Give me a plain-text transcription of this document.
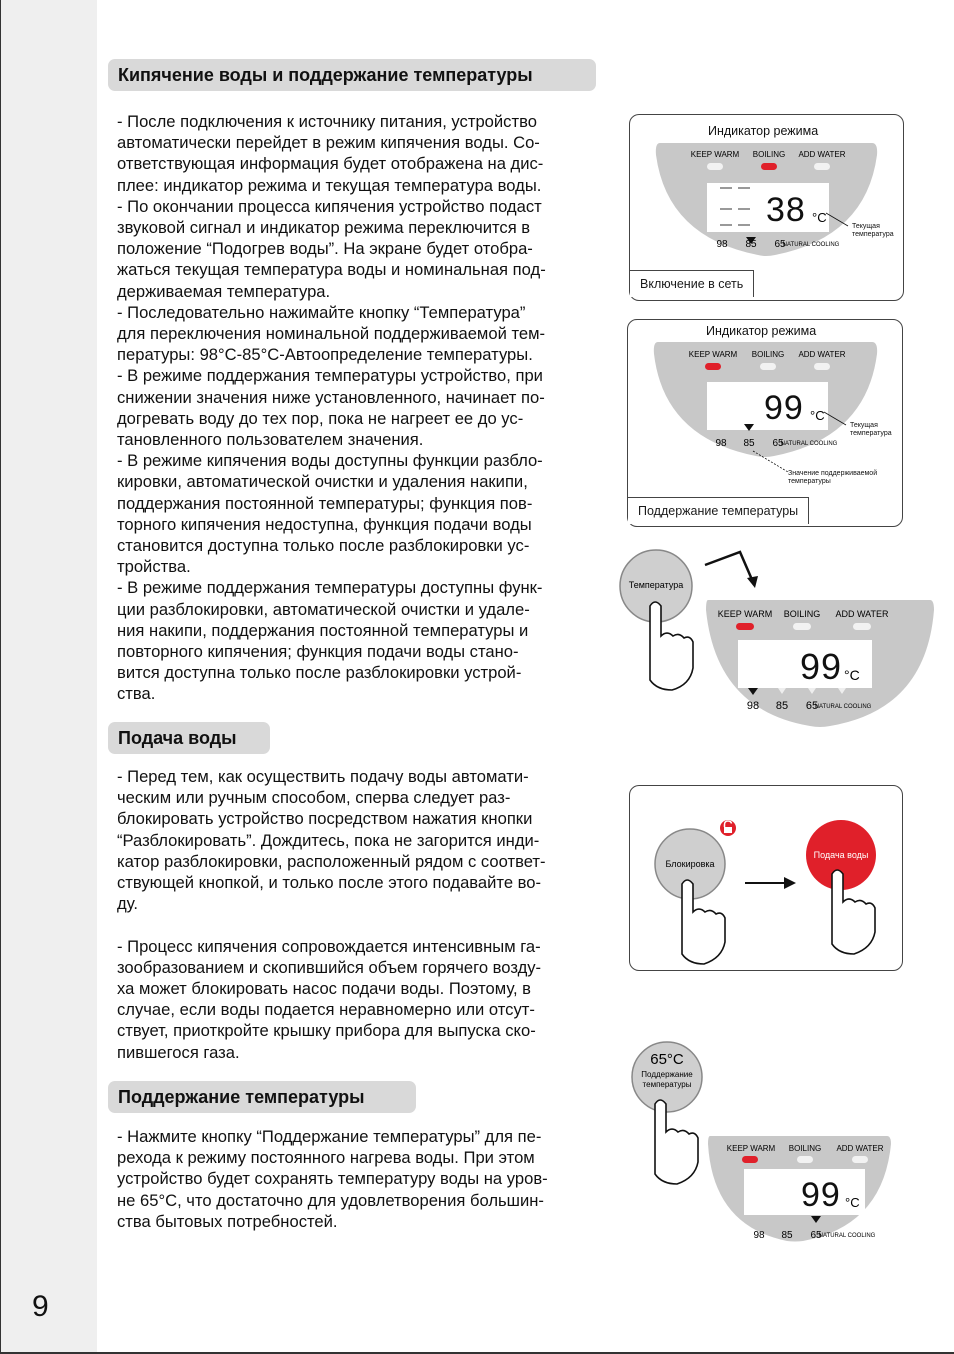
9
Кипячение воды и поддержание температуры

- После подключения к источнику питания, устройство
автоматически перейдет в режим кипячения воды. Со-
ответствующая информация будет отображена на дис-
плее: индикатор режима и текущая температура воды.
- По окончании процесса кипячения устройство подаст
звуковой сигнал и индикатор режима переключится в
положение “Подогрев воды”. На экране будет отобра-
жаться текущая температура воды и номинальная под-
держиваемая температура.
- Последовательно нажимайте кнопку “Температура”
для переключения номинальной поддерживаемой тем-
пературы: 98°С-85°С-Автоопределение температуры.
- В режиме поддержания температуры устройство, при
снижении значения ниже установленного, начинает по-
догревать воду до тех пор, пока не нагреет ее до ус-
тановленного пользователем значения.
- В режиме кипячения воды доступны функции разбло-
кировки, автоматической очистки и удаления накипи,
поддержания постоянной температуры; функция пов-
торного кипячения недоступна, функция подачи воды
становится доступна только после разблокировки ус-
тройства.
- В режиме поддержания температуры доступны функ-
ции разблокировки, автоматической очистки и удале-
ния накипи, поддержания постоянной температуры и
повторного кипячения; функция подачи воды стано-
вится доступна только после разблокировки устрой-
ства.

Подача воды

- Перед тем, как осуществить подачу воды автомати-
ческим или ручным способом, сперва следует раз-
блокировать устройство посредством нажатия кнопки
“Разблокировать”. Дождитесь, пока не загорится инди-
катор разблокировки, расположенный рядом с соответ-
ствующей кнопкой, и только после этого подавайте во-
ду.

- Процесс кипячения сопровождается интенсивным га-
зообразованием и скопившийся объем горячего возду-
ха может блокировать насос подачи воды. Поэтому, в
случае, если воды подается неравномерно или отсут-
ствует, приоткройте крышку прибора для выпуска ско-
пившегося газа.

Поддержание температуры

- Нажмите кнопку “Поддержание температуры” для пе-
рехода к режиму постоянного нагрева воды. При этом
устройство будет сохранять температуру воды на уров-
не 65°С, что достаточно для удовлетворения большин-
ства бытовых потребностей.

Индикатор режима
KEEP WARM BOILING ADD WATER
38 °C
98 85 65
NATURAL COOLING
Текущая
температура
Включение в сеть
Индикатор режима
KEEP WARM BOILING ADD WATER
99 °C
98 85 65
NATURAL COOLING
Текущая
температура
Значение поддерживаемой
температуры
Поддержание температуры
Температура
KEEP WARM BOILING ADD WATER
99 °C
98 85 65
NATURAL COOLING
Блокировка
Подача воды
65°C
Поддержание
температуры
KEEP WARM BOILING ADD WATER
99 °C
98 85 65
NATURAL COOLING
